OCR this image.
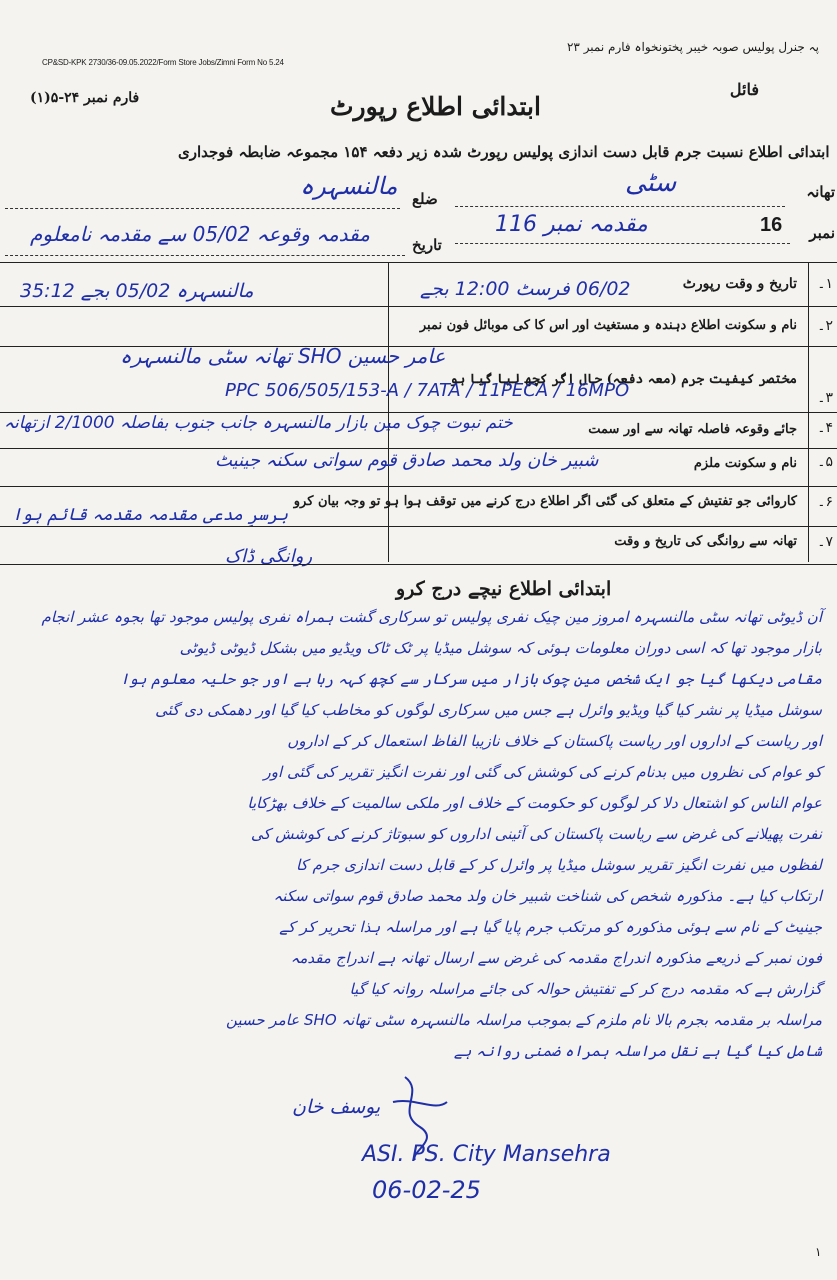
پہ جنرل پولیس صوبہ خیبر پختونخواہ فارم نمبر ۲۳
CP&SD-KPK 2730/36-09.05.2022/Form Store Jobs/Zimni Form No 5.24
فائل
فارم نمبر ۲۴-۵(۱)	ابتدائی اطلاع رپورٹ
ابتدائی اطلاع نسبت جرم قابل دست اندازی پولیس رپورٹ شدہ زیر دفعہ ۱۵۴ مجموعہ ضابطہ فوجداری
تھانہ
سٹی
ضلع
مالنسہرہ
نمبر
16
مقدمہ نمبر 116
تاریخ
مقدمہ وقوعہ 05/02 سے مقدمہ نامعلوم
۱۔
تاریخ و وقت رپورٹ
06/02 فرسٹ 12:00 بجے
مالنسہرہ 05/02 بجے 35:12
۲۔
نام و سکونت اطلاع دہندہ و مستغیث اور اس کا کی موبائل فون نمبر
عامر حسین SHO تھانہ سٹی مالنسہرہ
۳۔
مختصر کیفیت جرم (معہ دفعہ) حال اگر کچھ لیا گیا ہو
PPC 506/505/153-A / 7ATA / 11PECA / 16MPO
۴۔
جائے وقوعہ فاصلہ تھانہ سے اور سمت
ختم نبوت چوک مین بازار مالنسہرہ جانب جنوب بفاصلہ 2/1000 ازتھانہ
۵۔
نام و سکونت ملزم
شبیر خان ولد محمد صادق قوم سواتی سکنہ جینیٹ
۶۔
کاروائی جو تفتیش کے متعلق کی گئی اگر اطلاع درج کرنے میں توقف ہوا ہو تو وجہ بیان کرو
برسرِ مدعی مقدمہ مقدمہ قائم ہوا
۷۔
تھانہ سے روانگی کی تاریخ و وقت
روانگی ڈاک
ابتدائی اطلاع نیچے درج کرو
آن ڈیوٹی تھانہ سٹی مالنسہرہ امروز مین چیک نفری پولیس تو سرکاری گشت ہمراہ نفری پولیس موجود تھا بجوہ عشر انجام
بازار موجود تھا کہ اسی دوران معلومات ہوئی کہ سوشل میڈیا پر ٹک ٹاک ویڈیو میں بشکل ڈیوٹی ڈیوٹی
مقامی دیکھا گیا جو ایک شخص مین چوک بازار میں سرکار سے کچھ کہہ رہا ہے اور جو حلیہ معلوم ہوا
سوشل میڈیا پر نشر کیا گیا ویڈیو وائرل ہے جس میں سرکاری لوگوں کو مخاطب کیا گیا اور دھمکی دی گئی
اور ریاست کے اداروں اور ریاست پاکستان کے خلاف نازیبا الفاظ استعمال کر کے اداروں
کو عوام کی نظروں میں بدنام کرنے کی کوشش کی گئی اور نفرت انگیز تقریر کی گئی اور
عوام الناس کو اشتعال دلا کر لوگوں کو حکومت کے خلاف اور ملکی سالمیت کے خلاف بھڑکایا
نفرت پھیلانے کی غرض سے ریاست پاکستان کی آئینی اداروں کو سبوتاژ کرنے کی کوشش کی
لفظوں میں نفرت انگیز تقریر سوشل میڈیا پر وائرل کر کے قابل دست اندازی جرم کا
ارتکاب کیا ہے۔ مذکورہ شخص کی شناخت شبیر خان ولد محمد صادق قوم سواتی سکنہ
جینیٹ کے نام سے ہوئی مذکورہ کو مرتکب جرم پایا گیا ہے اور مراسلہ ہذا تحریر کر کے
فون نمبر کے ذریعے مذکورہ اندراج مقدمہ کی غرض سے ارسال تھانہ ہے اندراج مقدمہ
گزارش ہے کہ مقدمہ درج کر کے تفتیش حوالہ کی جائے مراسلہ روانہ کیا گیا
مراسلہ بر مقدمہ بجرم بالا نام ملزم کے بموجب مراسلہ مالنسہرہ سٹی تھانہ SHO عامر حسین
شامل کیا گیا ہے نقل مراسلہ ہمراہ ضمنی روانہ ہے
یوسف خان
ASI. PS. City Mansehra
06-02-25
۱
